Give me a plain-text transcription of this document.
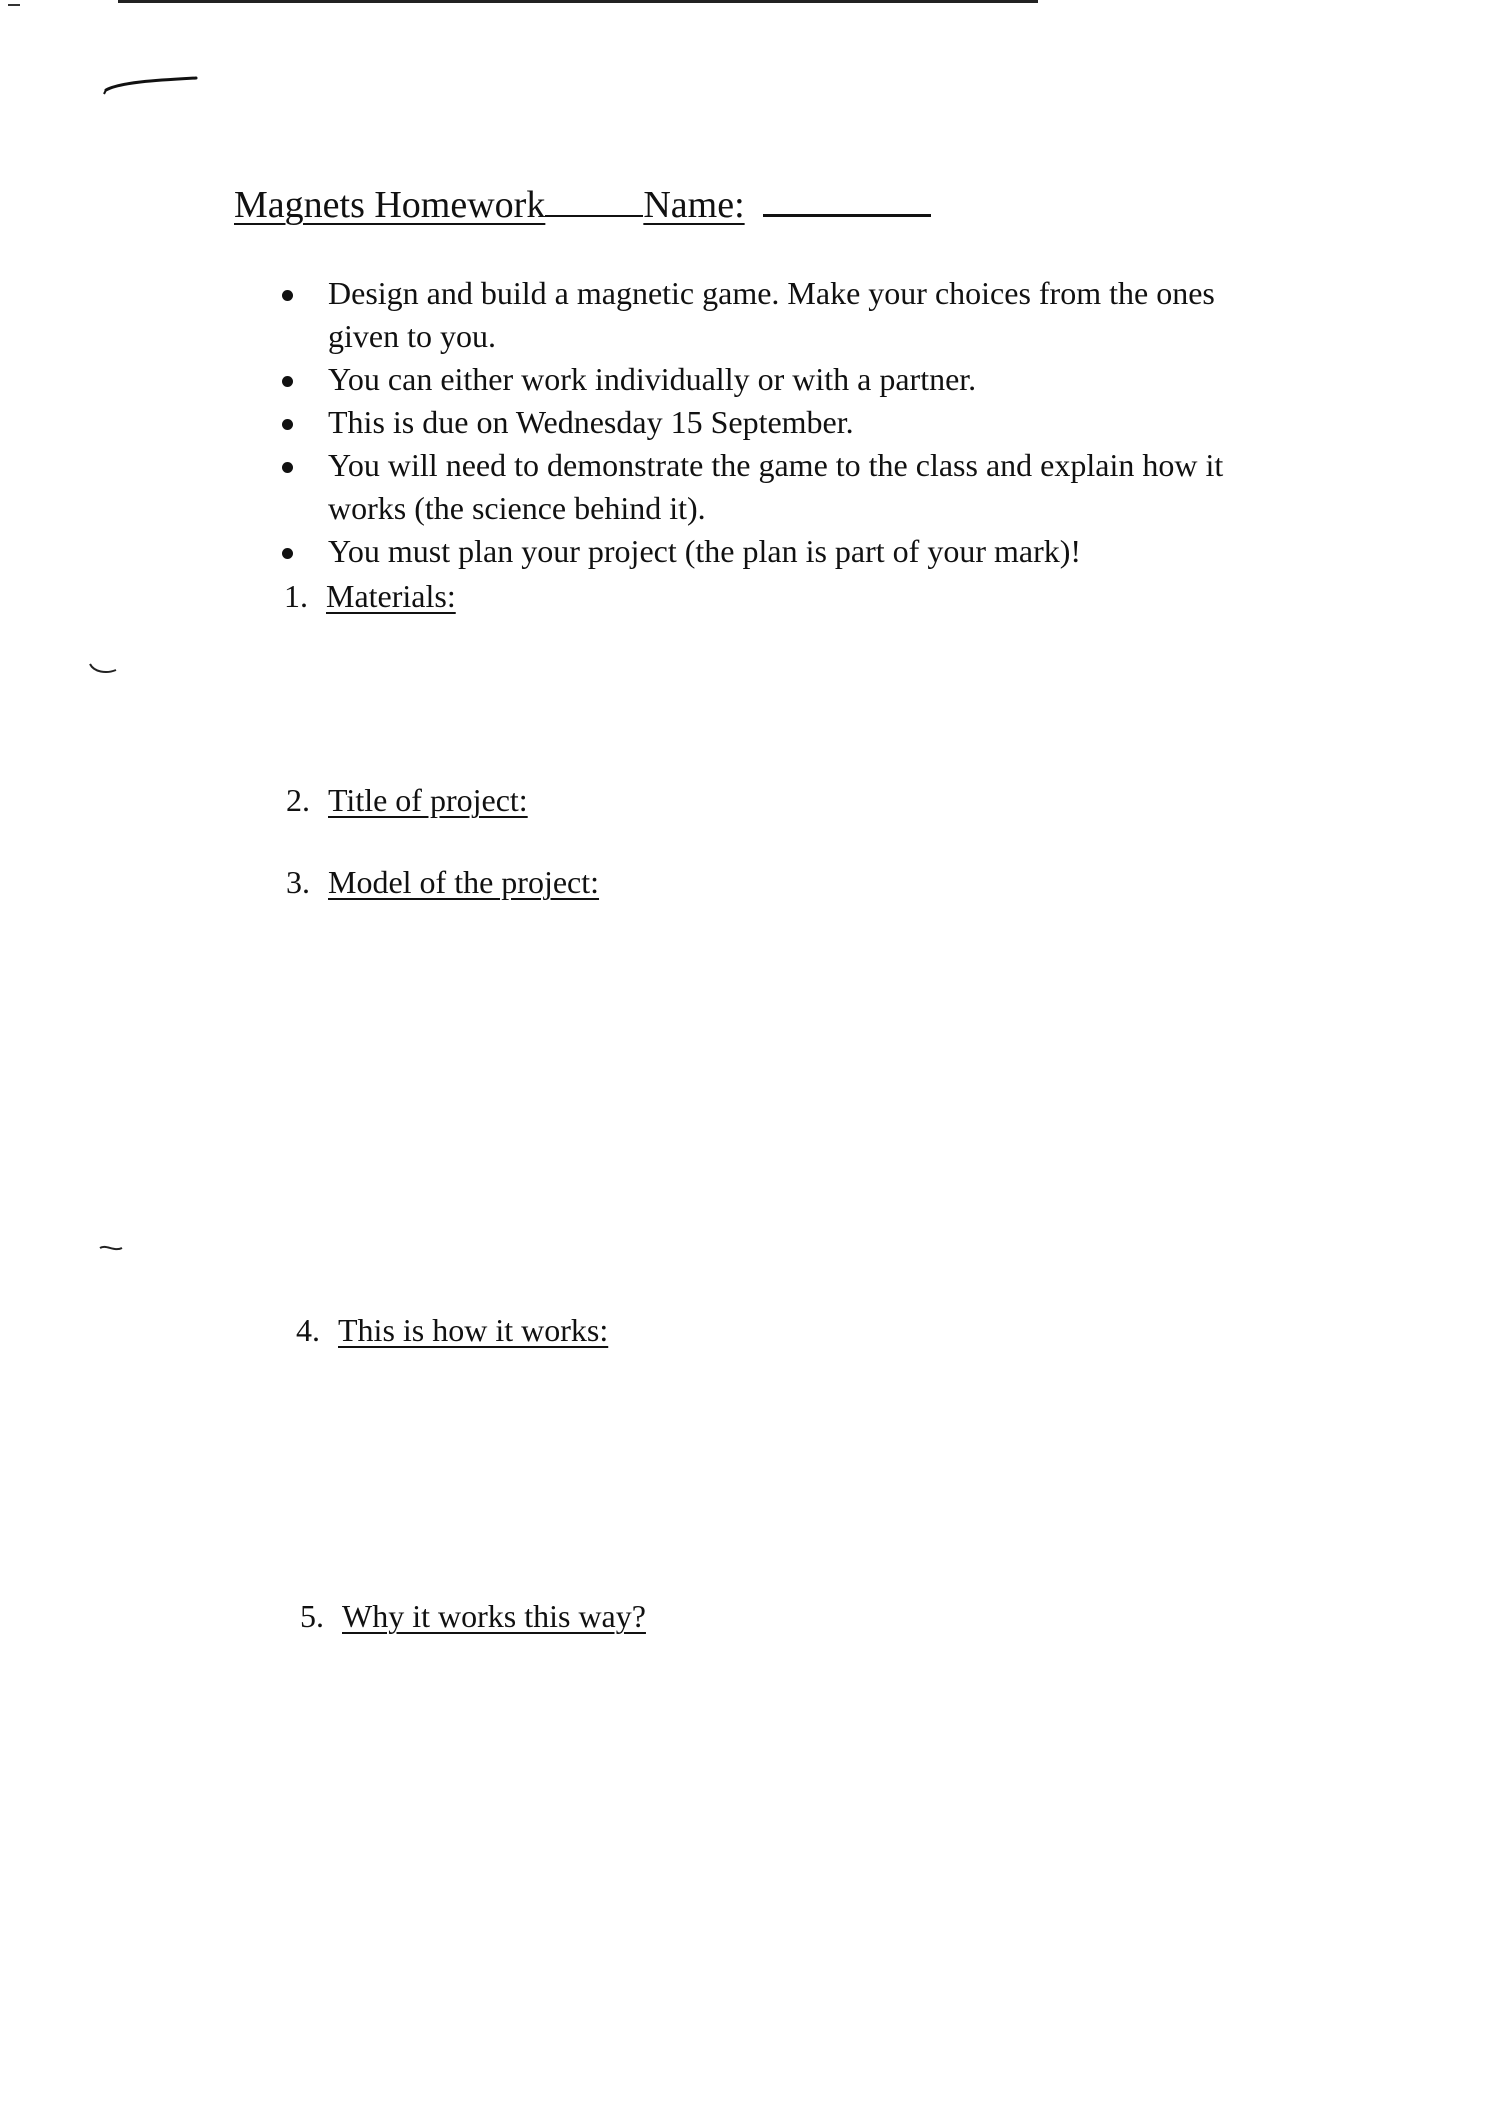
Magnets Homework	Name:
Design and build a magnetic game. Make your choices from the ones given to you.
You can either work individually or with a partner.
This is due on Wednesday 15 September.
You will need to demonstrate the game to the class and explain how it works (the science behind it).
You must plan your project (the plan is part of your mark)!
1. Materials:
2. Title of project:
3. Model of the project:
4. This is how it works:
5. Why it works this way?
